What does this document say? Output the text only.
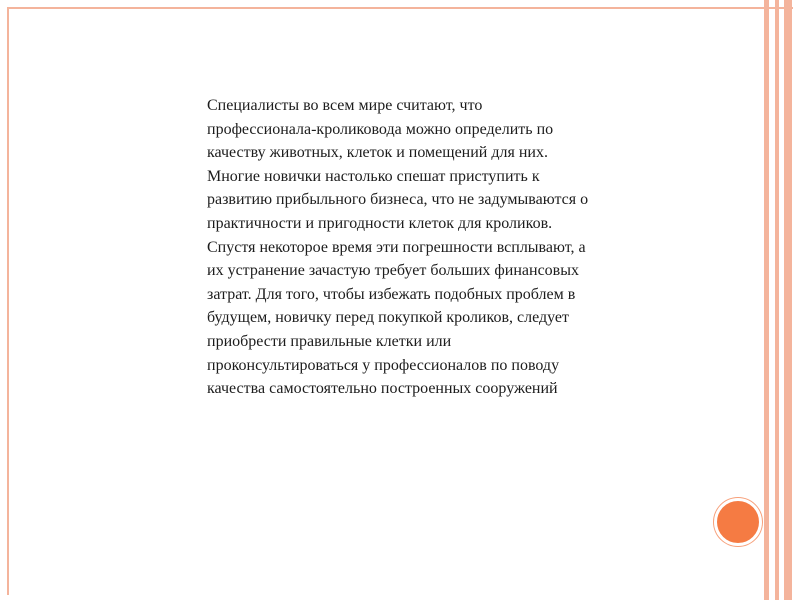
Специалисты во всем мире считают, что профессионала-кроликовода можно определить по качеству животных, клеток и помещений для них. Многие новички настолько спешат приступить к развитию прибыльного бизнеса, что не задумываются о практичности и пригодности клеток для кроликов. Спустя некоторое время эти погрешности всплывают, а их устранение зачастую требует больших финансовых затрат. Для того, чтобы избежать подобных проблем в будущем, новичку перед покупкой кроликов, следует приобрести правильные клетки или проконсультироваться у профессионалов по поводу качества самостоятельно построенных сооружений
